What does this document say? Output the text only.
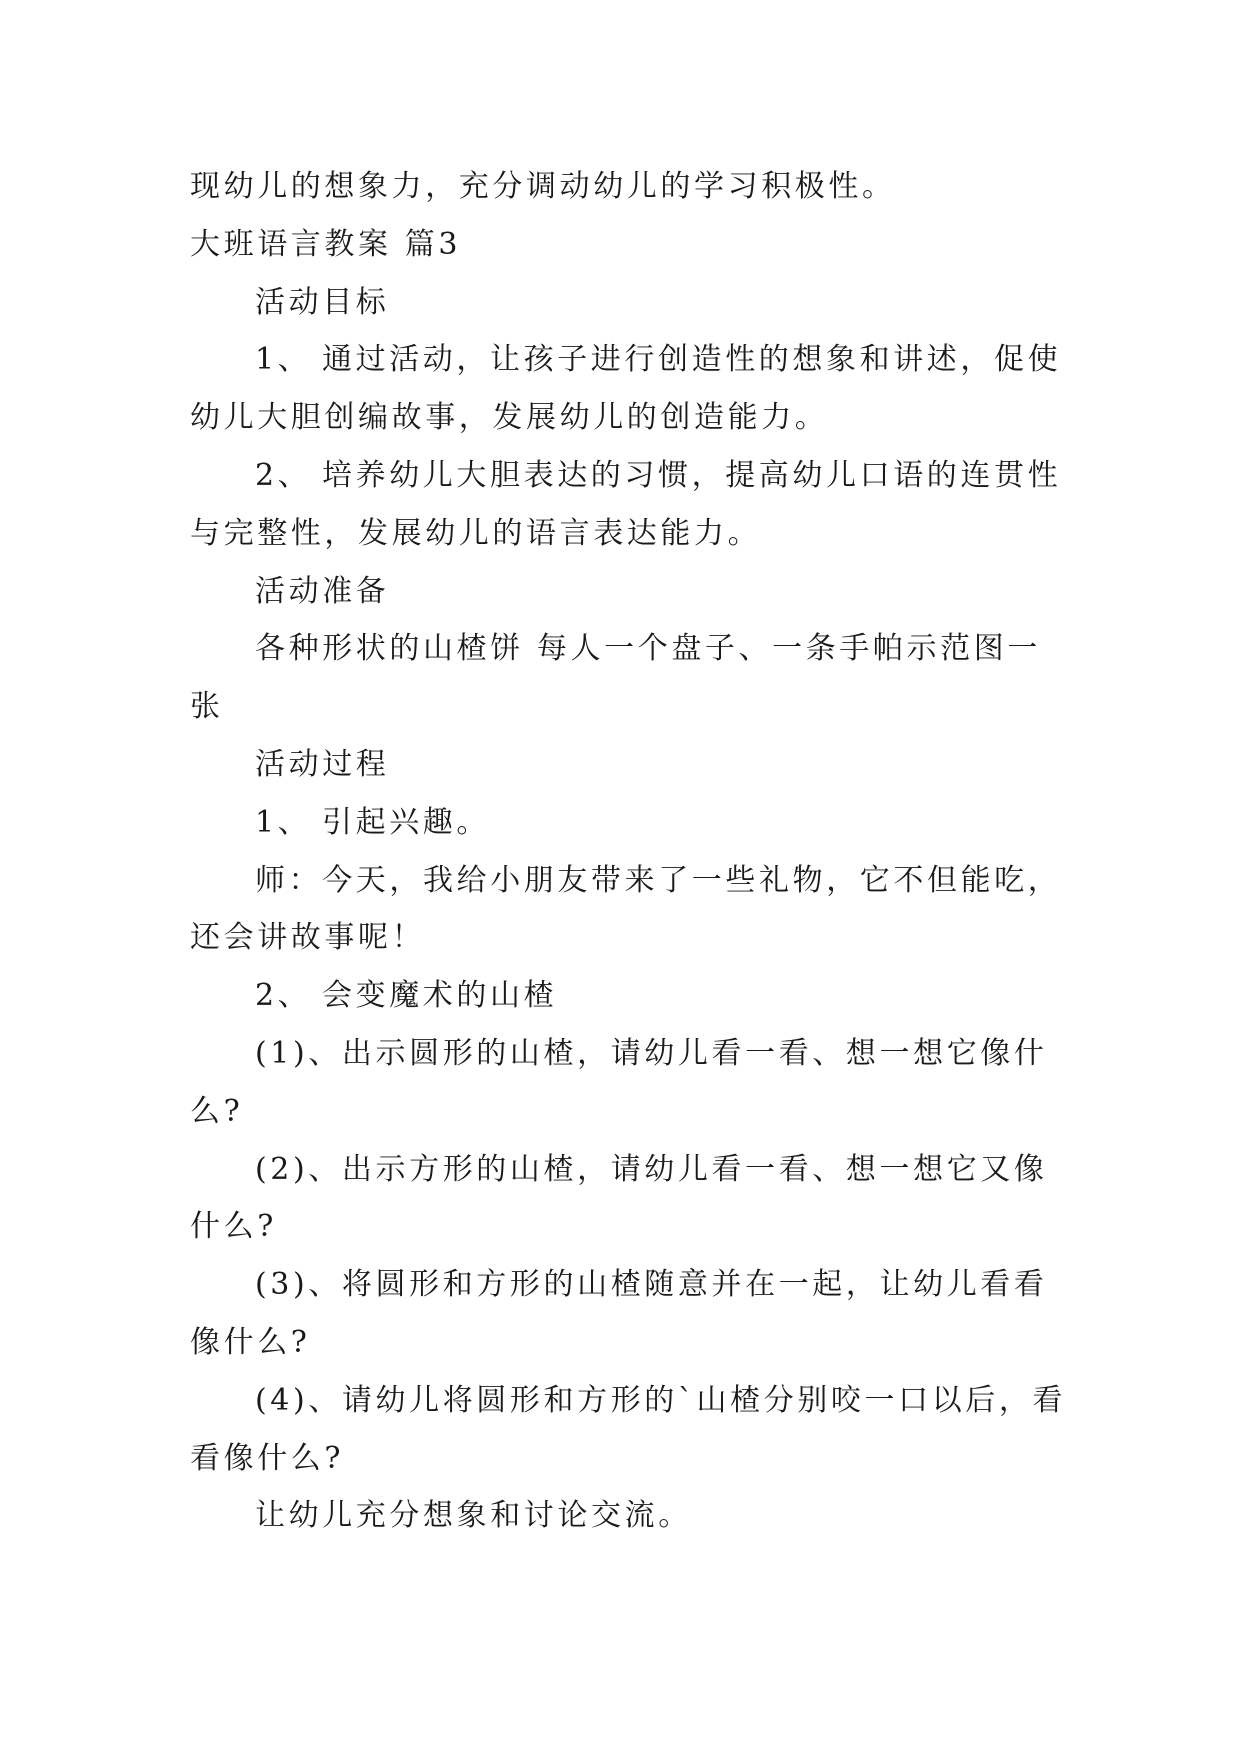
现幼儿的想象力，充分调动幼儿的学习积极性。
大班语言教案 篇3
活动目标
1、 通过活动，让孩子进行创造性的想象和讲述，促使
幼儿大胆创编故事，发展幼儿的创造能力。
2、 培养幼儿大胆表达的习惯，提高幼儿口语的连贯性
与完整性，发展幼儿的语言表达能力。
活动准备
各种形状的山楂饼 每人一个盘子、一条手帕示范图一
张
活动过程
1、 引起兴趣。
师：今天，我给小朋友带来了一些礼物，它不但能吃，
还会讲故事呢！
2、 会变魔术的山楂
(1)、出示圆形的山楂，请幼儿看一看、想一想它像什
么?
(2)、出示方形的山楂，请幼儿看一看、想一想它又像
什么?
(3)、将圆形和方形的山楂随意并在一起，让幼儿看看
像什么?
(4)、请幼儿将圆形和方形的`山楂分别咬一口以后，看
看像什么?
让幼儿充分想象和讨论交流。
